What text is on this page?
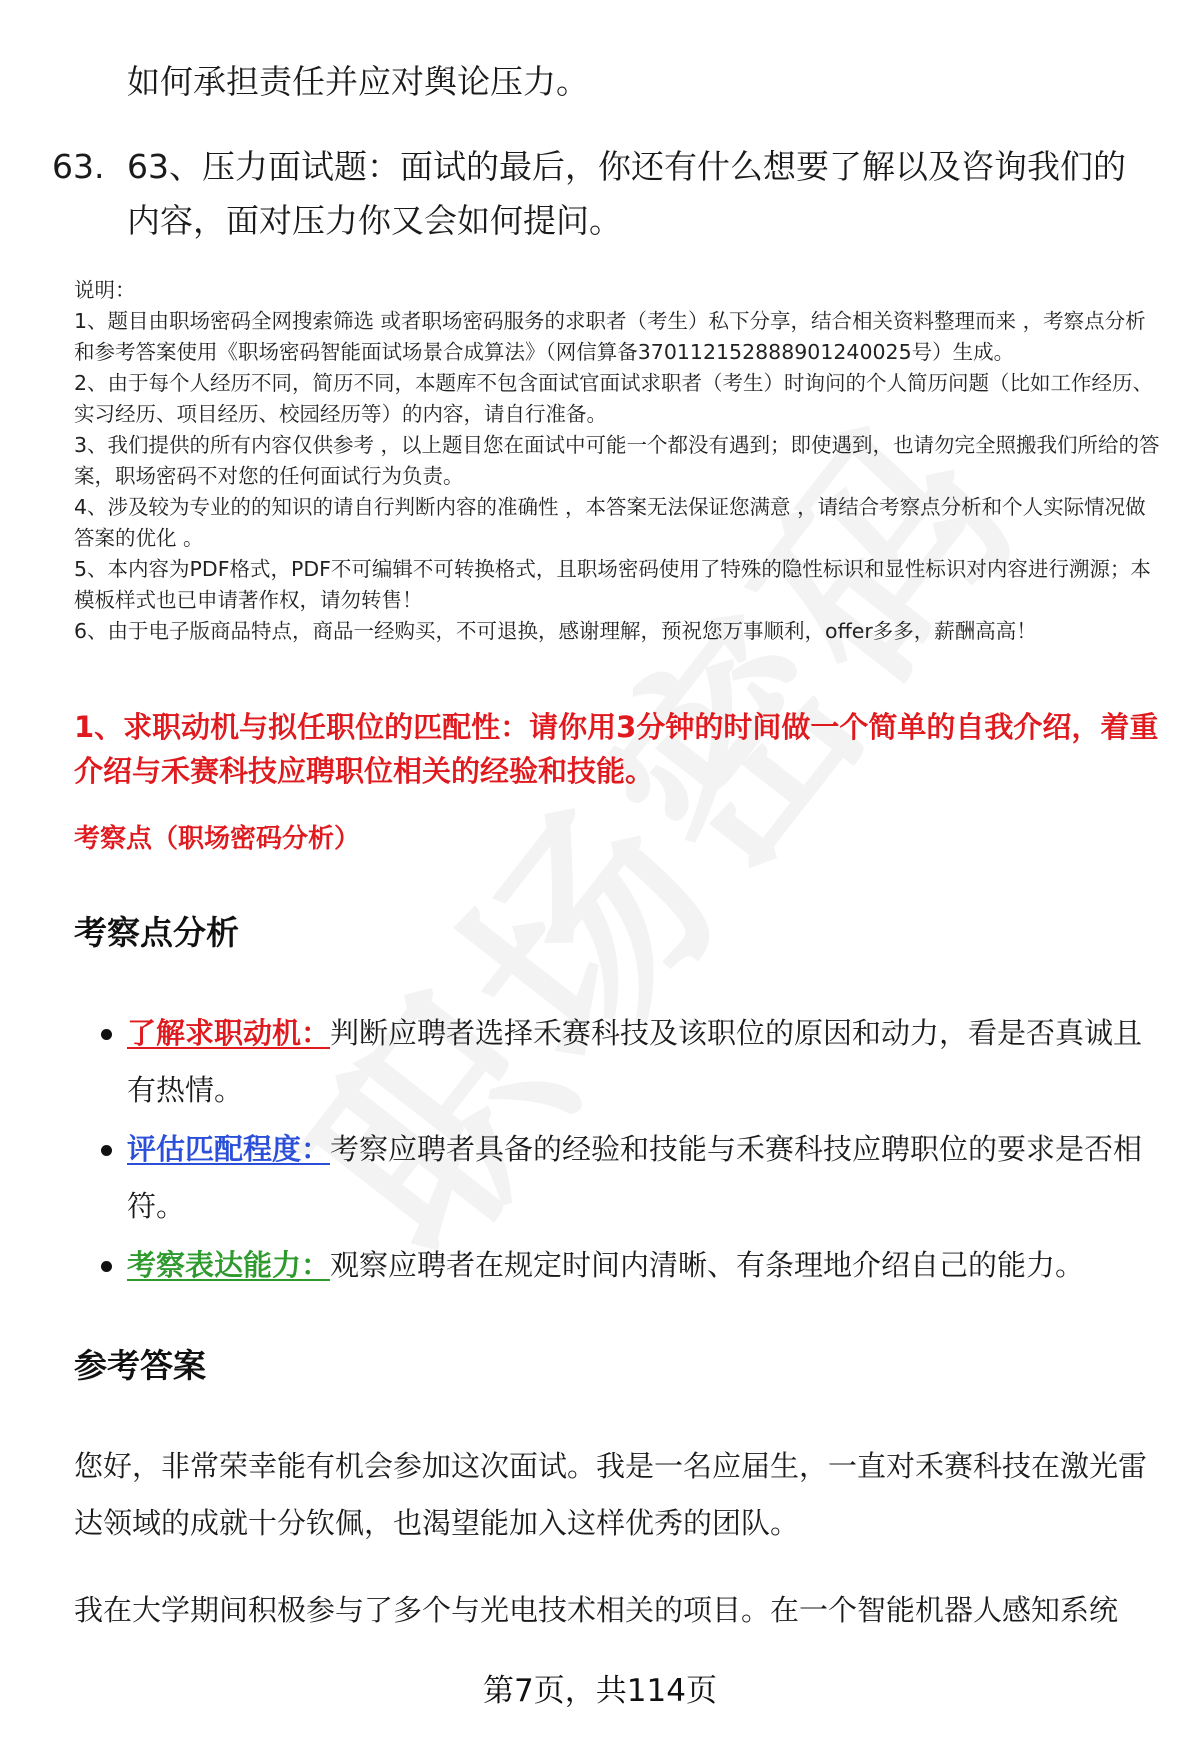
如何承担责任并应对舆论压力。
63. 63、压力面试题：面试的最后，你还有什么想要了解以及咨询我们的内容，面对压力你又会如何提问。

说明：

1、题目由职场密码全网搜索筛选 或者职场密码服务的求职者（考生）私下分享，结合相关资料整理而来 ，考察点分析和参考答案使用《职场密码智能面试场景合成算法》（网信算备370112152888901240025号）生成。

2、由于每个人经历不同，简历不同，本题库不包含面试官面试求职者（考生）时询问的个人简历问题（比如工作经历、实习经历、项目经历、校园经历等）的内容，请自行准备。

3、我们提供的所有内容仅供参考 ，以上题目您在面试中可能一个都没有遇到；即使遇到，也请勿完全照搬我们所给的答案，职场密码不对您的任何面试行为负责。

4、涉及较为专业的的知识的请自行判断内容的准确性 ，本答案无法保证您满意 ，请结合考察点分析和个人实际情况做答案的优化 。

5、本内容为PDF格式，PDF不可编辑不可转换格式，且职场密码使用了特殊的隐性标识和显性标识对内容进行溯源；本模板样式也已申请著作权，请勿转售！

6、由于电子版商品特点，商品一经购买，不可退换，感谢理解，预祝您万事顺利，offer多多，薪酬高高！

1、求职动机与拟任职位的匹配性：请你用3分钟的时间做一个简单的自我介绍，着重介绍与禾赛科技应聘职位相关的经验和技能。
考察点（职场密码分析）
考察点分析
了解求职动机：判断应聘者选择禾赛科技及该职位的原因和动力，看是否真诚且有热情。
评估匹配程度：考察应聘者具备的经验和技能与禾赛科技应聘职位的要求是否相符。
考察表达能力：观察应聘者在规定时间内清晰、有条理地介绍自己的能力。
参考答案

您好，非常荣幸能有机会参加这次面试。我是一名应届生，一直对禾赛科技在激光雷达领域的成就十分钦佩，也渴望能加入这样优秀的团队。

我在大学期间积极参与了多个与光电技术相关的项目。在一个智能机器人感知系统

第7页，共114页
